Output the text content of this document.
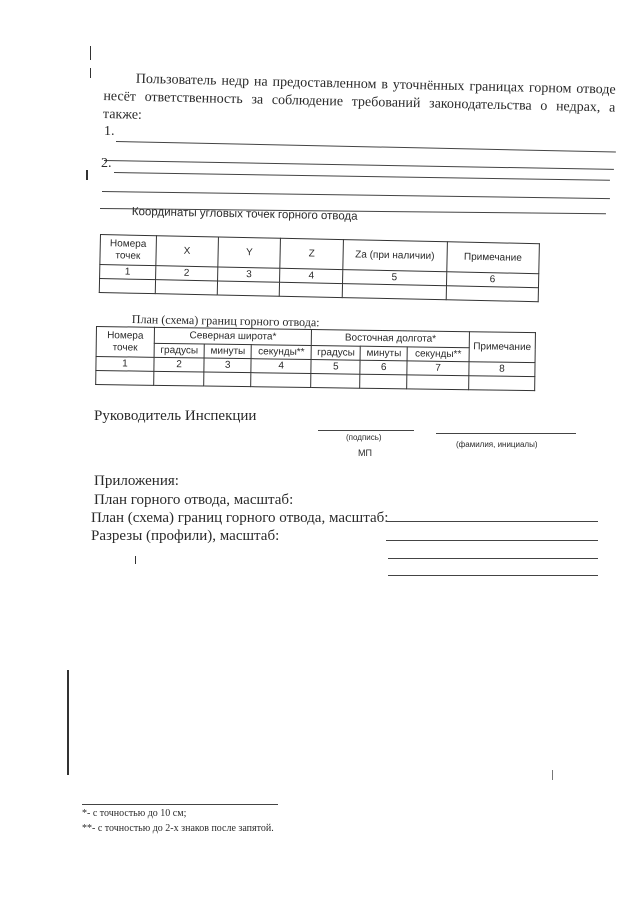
Пользователь недр на предоставленном в уточнённых границах горном отводе несёт ответственность за соблюдение требований законодательства о недрах, а также:

1.
2.
Координаты угловых точек горного отвода
Номера точек	X	Y	Z	Za (при наличии)	Примечание
1	2	3	4	5	6

План (схема) границ горного отвода:
Номера точек	Северная широта*			Восточная долгота*			Примечание
	градусы	минуты	секунды**	градусы	минуты	секунды**	
1	2	3	4	5	6	7	8

Руководитель Инспекции
(подпись)
(фамилия, инициалы)
МП
Приложения:
План горного отвода, масштаб:
План (схема) границ горного отвода, масштаб:
Разрезы (профили), масштаб:
*- с точностью до 10 см;
**- с точностью до 2-х знаков после запятой.
